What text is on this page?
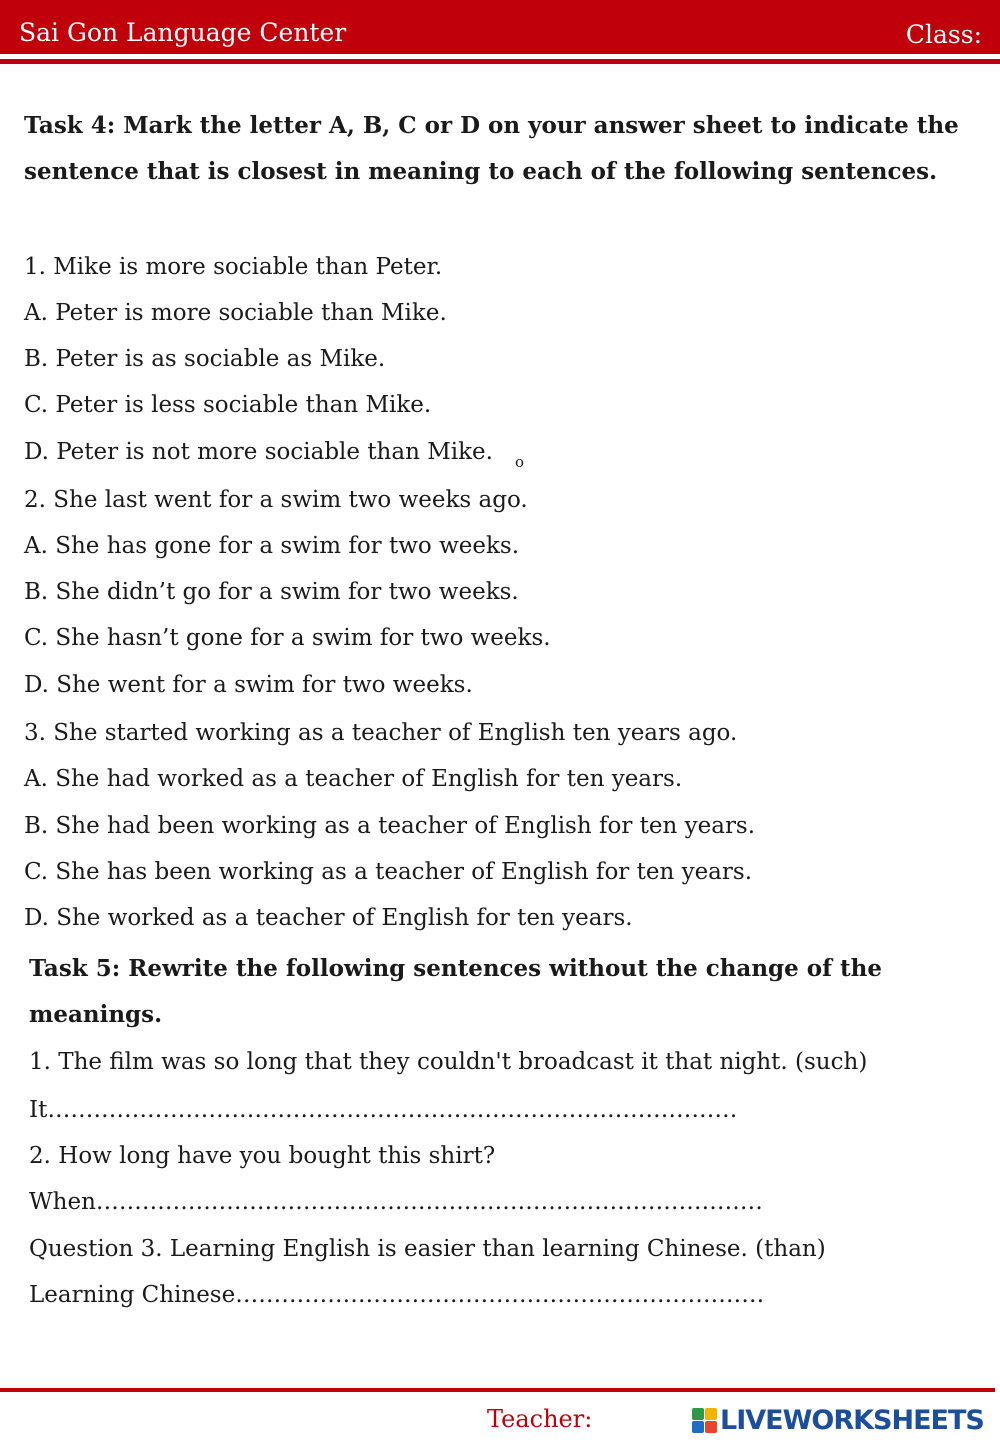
Sai Gon Language Center	Class:
Task 4: Mark the letter A, B, C or D on your answer sheet to indicate the sentence that is closest in meaning to each of the following sentences.
1. Mike is more sociable than Peter.
A. Peter is more sociable than Mike.
B. Peter is as sociable as Mike.
C. Peter is less sociable than Mike.
D. Peter is not more sociable than Mike. o
2. She last went for a swim two weeks ago.
A. She has gone for a swim for two weeks.
B. She didn’t go for a swim for two weeks.
C. She hasn’t gone for a swim for two weeks.
D. She went for a swim for two weeks.
3. She started working as a teacher of English ten years ago.
A. She had worked as a teacher of English for ten years.
B. She had been working as a teacher of English for ten years.
C. She has been working as a teacher of English for ten years.
D. She worked as a teacher of English for ten years.
Task 5: Rewrite the following sentences without the change of the meanings.
1. The film was so long that they couldn't broadcast it that night. (such)
It………………………………………………………………………………
2. How long have you bought this shirt?
When……………………………………………………………………………
Question 3. Learning English is easier than learning Chinese. (than)
Learning Chinese……………………………………………………………
Teacher:	LIVEWORKSHEETS
